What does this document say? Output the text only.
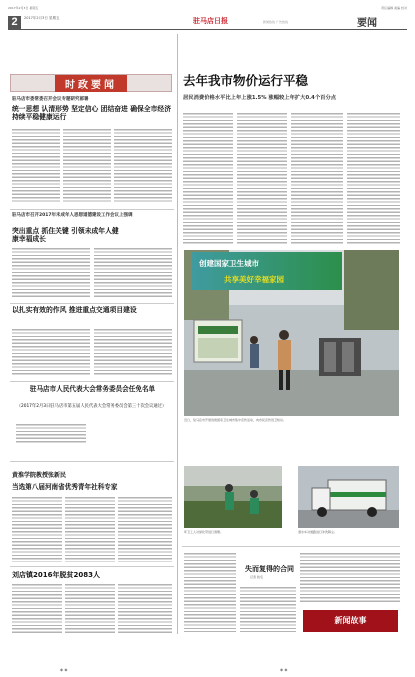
2017年2月3日 星期五	责任编辑 美编 校对
2	2017年2月3日 星期五	驻马店日报	新闻热线 广告热线	要闻
时政要闻
驻马店市委常委召开会议专题研究部署
统一思想 认清形势 坚定信心 团结奋进 确保全市经济持续平稳健康运行
驻马店市召开2017年未成年人思想道德建设工作会议上强调
突出重点 抓住关键 引领未成年人健康幸福成长
以扎实有效的作风 推进重点交通项目建设
驻马店市人民代表大会常务委员会任免名单
（2017年2月3日驻马店市第五届人民代表大会常务委员会第三十次会议通过）
黄淮学院教授张新民
当选第八届河南省优秀青年社科专家
刘店镇2016年脱贫2083人
去年我市物价运行平稳
居民消费价格水平比上年上涨1.5% 涨幅较上年扩大0.4个百分点
创建国家卫生城市
共享美好幸福家园
近日，驻马店市开展创建国家卫生城市集中宣传活动，向市民宣传创卫知识。
环卫工人对绿化带进行清理。	洒水车对道路进行冲洗降尘。
失而复得的合同
记者 姓名
新闻故事
◆ ◆	◆ ◆
